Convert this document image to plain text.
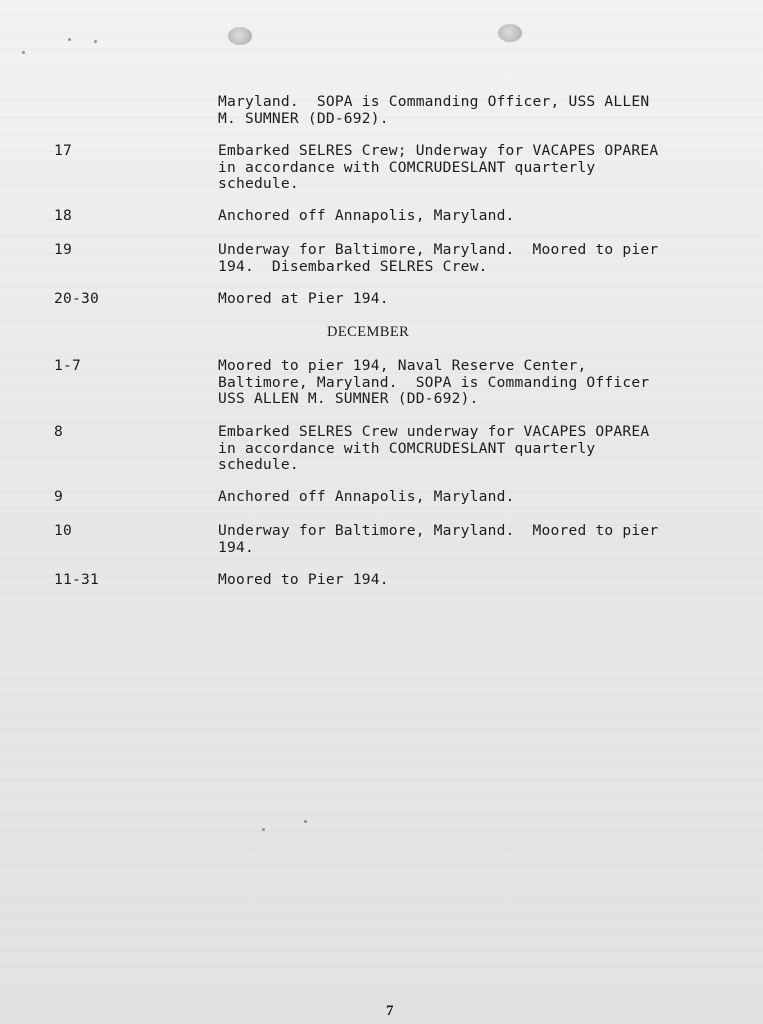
Maryland.  SOPA is Commanding Officer, USS ALLEN
M. SUMNER (DD-692).
17	Embarked SELRES Crew; Underway for VACAPES OPAREA
in accordance with COMCRUDESLANT quarterly
schedule.
18	Anchored off Annapolis, Maryland.
19	Underway for Baltimore, Maryland.  Moored to pier
194.  Disembarked SELRES Crew.
20-30	Moored at Pier 194.
DECEMBER
1-7	Moored to pier 194, Naval Reserve Center,
Baltimore, Maryland.  SOPA is Commanding Officer
USS ALLEN M. SUMNER (DD-692).
8	Embarked SELRES Crew underway for VACAPES OPAREA
in accordance with COMCRUDESLANT quarterly
schedule.
9	Anchored off Annapolis, Maryland.
10	Underway for Baltimore, Maryland.  Moored to pier
194.
11-31	Moored to Pier 194.
7
